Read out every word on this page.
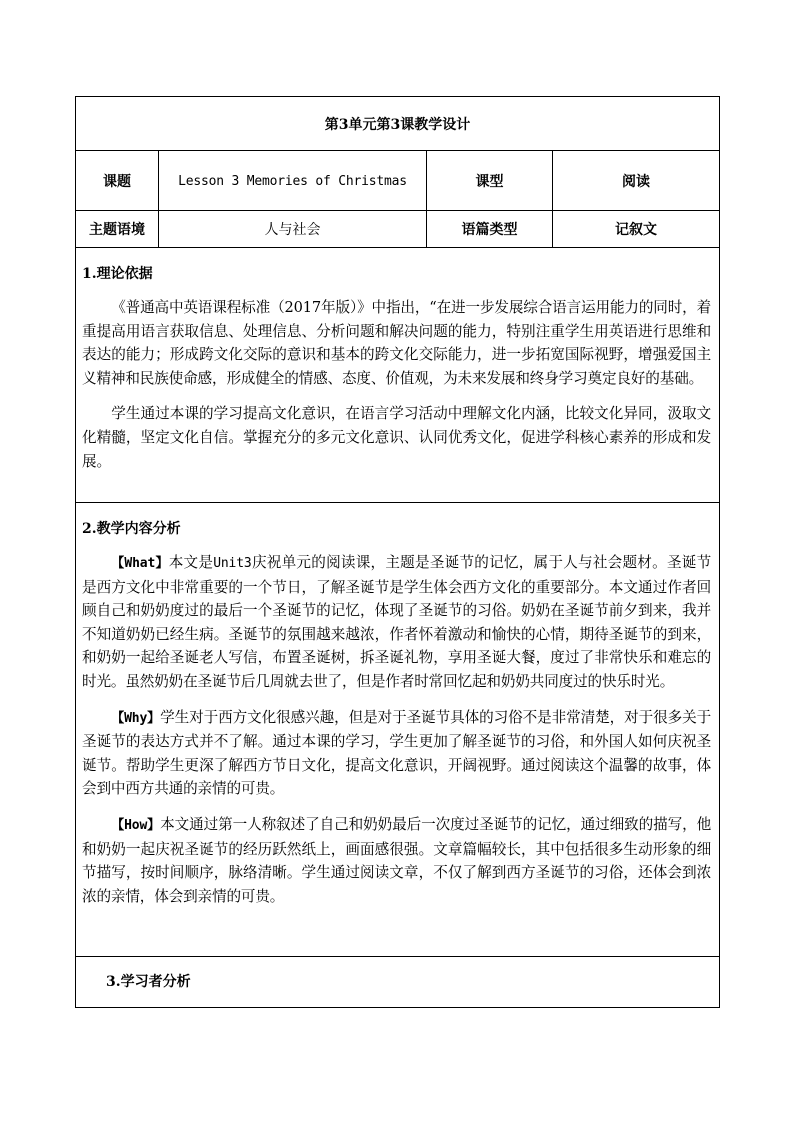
第3单元第3课教学设计			
课题	Lesson 3 Memories of Christmas	课型	阅读
主题语境	人与社会	语篇类型	记叙文

1.理论依据

《普通高中英语课程标准（2017年版）》中指出，“在进一步发展综合语言运用能力的同时，着重提高用语言获取信息、处理信息、分析问题和解决问题的能力，特别注重学生用英语进行思维和表达的能力；形成跨文化交际的意识和基本的跨文化交际能力，进一步拓宽国际视野，增强爱国主义精神和民族使命感，形成健全的情感、态度、价值观，为未来发展和终身学习奠定良好的基础。

学生通过本课的学习提高文化意识，在语言学习活动中理解文化内涵，比较文化异同，汲取文化精髓，坚定文化自信。掌握充分的多元文化意识、认同优秀文化，促进学科核心素养的形成和发展。			

2.教学内容分析

【What】本文是Unit3庆祝单元的阅读课，主题是圣诞节的记忆，属于人与社会题材。圣诞节是西方文化中非常重要的一个节日，了解圣诞节是学生体会西方文化的重要部分。本文通过作者回顾自己和奶奶度过的最后一个圣诞节的记忆，体现了圣诞节的习俗。奶奶在圣诞节前夕到来，我并不知道奶奶已经生病。圣诞节的氛围越来越浓，作者怀着激动和愉快的心情，期待圣诞节的到来，和奶奶一起给圣诞老人写信，布置圣诞树，拆圣诞礼物，享用圣诞大餐，度过了非常快乐和难忘的时光。虽然奶奶在圣诞节后几周就去世了，但是作者时常回忆起和奶奶共同度过的快乐时光。

【Why】学生对于西方文化很感兴趣，但是对于圣诞节具体的习俗不是非常清楚，对于很多关于圣诞节的表达方式并不了解。通过本课的学习，学生更加了解圣诞节的习俗，和外国人如何庆祝圣诞节。帮助学生更深了解西方节日文化，提高文化意识，开阔视野。通过阅读这个温馨的故事，体会到中西方共通的亲情的可贵。

【How】本文通过第一人称叙述了自己和奶奶最后一次度过圣诞节的记忆，通过细致的描写，他和奶奶一起庆祝圣诞节的经历跃然纸上，画面感很强。文章篇幅较长，其中包括很多生动形象的细节描写，按时间顺序，脉络清晰。学生通过阅读文章，不仅了解到西方圣诞节的习俗，还体会到浓浓的亲情，体会到亲情的可贵。			

3.学习者分析			
